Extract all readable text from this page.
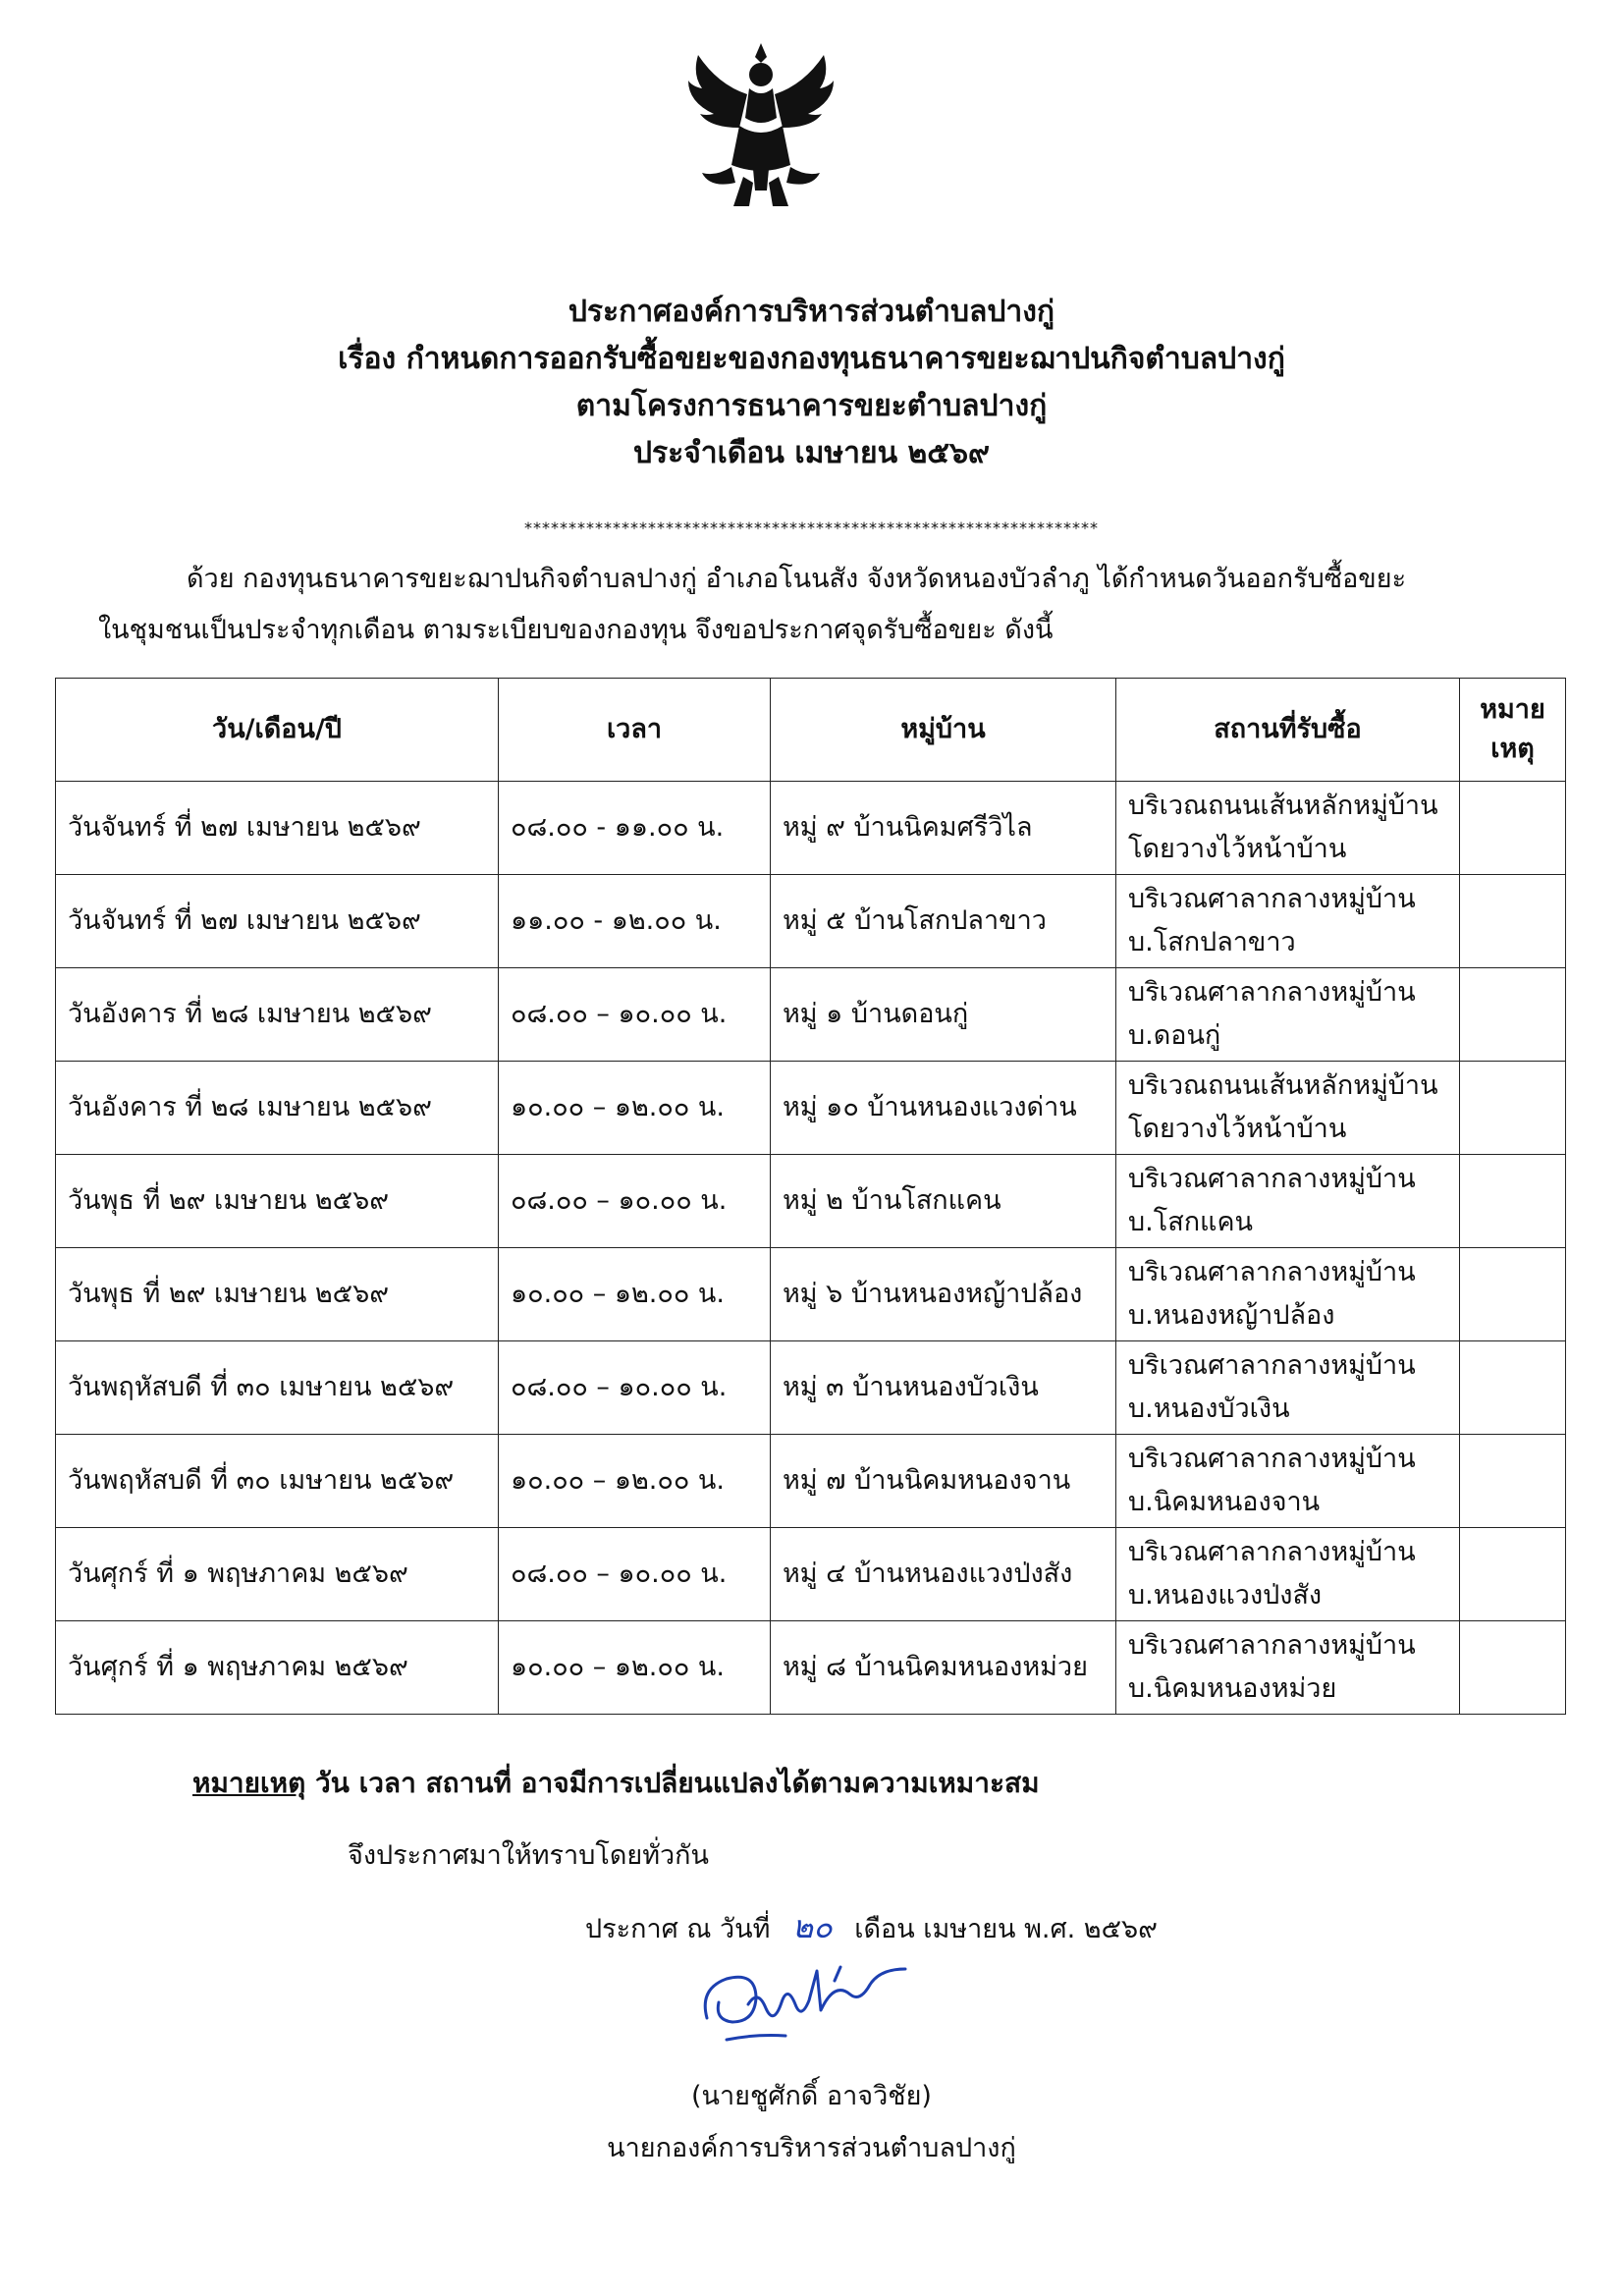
ประกาศองค์การบริหารส่วนตำบลปางกู่
เรื่อง กำหนดการออกรับซื้อขยะของกองทุนธนาคารขยะฌาปนกิจตำบลปางกู่
ตามโครงการธนาคารขยะตำบลปางกู่
ประจำเดือน เมษายน ๒๕๖๙
*****************************************************************
ด้วย กองทุนธนาคารขยะฌาปนกิจตำบลปางกู่ อำเภอโนนสัง จังหวัดหนองบัวลำภู ได้กำหนดวันออกรับซื้อขยะ
ในชุมชนเป็นประจำทุกเดือน ตามระเบียบของกองทุน จึงขอประกาศจุดรับซื้อขยะ ดังนี้
วัน/เดือน/ปี	เวลา	หมู่บ้าน	สถานที่รับซื้อ	หมาย
เหตุ

วันจันทร์ ที่ ๒๗ เมษายน ๒๕๖๙	๐๘.๐๐ - ๑๑.๐๐ น.	หมู่ ๙ บ้านนิคมศรีวิไล	บริเวณถนนเส้นหลักหมู่บ้าน
โดยวางไว้หน้าบ้าน	

วันจันทร์ ที่ ๒๗ เมษายน ๒๕๖๙	๑๑.๐๐ - ๑๒.๐๐ น.	หมู่ ๕ บ้านโสกปลาขาว	บริเวณศาลากลางหมู่บ้าน
บ.โสกปลาขาว	

วันอังคาร ที่ ๒๘ เมษายน ๒๕๖๙	๐๘.๐๐ – ๑๐.๐๐ น.	หมู่ ๑ บ้านดอนกู่	บริเวณศาลากลางหมู่บ้าน
บ.ดอนกู่	

วันอังคาร ที่ ๒๘ เมษายน ๒๕๖๙	๑๐.๐๐ – ๑๒.๐๐ น.	หมู่ ๑๐ บ้านหนองแวงด่าน	บริเวณถนนเส้นหลักหมู่บ้าน
โดยวางไว้หน้าบ้าน	

วันพุธ ที่ ๒๙ เมษายน ๒๕๖๙	๐๘.๐๐ – ๑๐.๐๐ น.	หมู่ ๒ บ้านโสกแคน	บริเวณศาลากลางหมู่บ้าน
บ.โสกแคน	

วันพุธ ที่ ๒๙ เมษายน ๒๕๖๙	๑๐.๐๐ – ๑๒.๐๐ น.	หมู่ ๖ บ้านหนองหญ้าปล้อง	บริเวณศาลากลางหมู่บ้าน
บ.หนองหญ้าปล้อง	

วันพฤหัสบดี ที่ ๓๐ เมษายน ๒๕๖๙	๐๘.๐๐ – ๑๐.๐๐ น.	หมู่ ๓ บ้านหนองบัวเงิน	บริเวณศาลากลางหมู่บ้าน
บ.หนองบัวเงิน	

วันพฤหัสบดี ที่ ๓๐ เมษายน ๒๕๖๙	๑๐.๐๐ – ๑๒.๐๐ น.	หมู่ ๗ บ้านนิคมหนองจาน	บริเวณศาลากลางหมู่บ้าน
บ.นิคมหนองจาน	

วันศุกร์ ที่ ๑ พฤษภาคม ๒๕๖๙	๐๘.๐๐ – ๑๐.๐๐ น.	หมู่ ๔ บ้านหนองแวงป่งสัง	บริเวณศาลากลางหมู่บ้าน
บ.หนองแวงป่งสัง	

วันศุกร์ ที่ ๑ พฤษภาคม ๒๕๖๙	๑๐.๐๐ – ๑๒.๐๐ น.	หมู่ ๘ บ้านนิคมหนองหม่วย	บริเวณศาลากลางหมู่บ้าน
บ.นิคมหนองหม่วย	

หมายเหตุ วัน เวลา สถานที่ อาจมีการเปลี่ยนแปลงได้ตามความเหมาะสม
จึงประกาศมาให้ทราบโดยทั่วกัน
ประกาศ ณ วันที่ ๒๐ เดือน เมษายน พ.ศ. ๒๕๖๙
(นายชูศักดิ์ อาจวิชัย)
นายกองค์การบริหารส่วนตำบลปางกู่
